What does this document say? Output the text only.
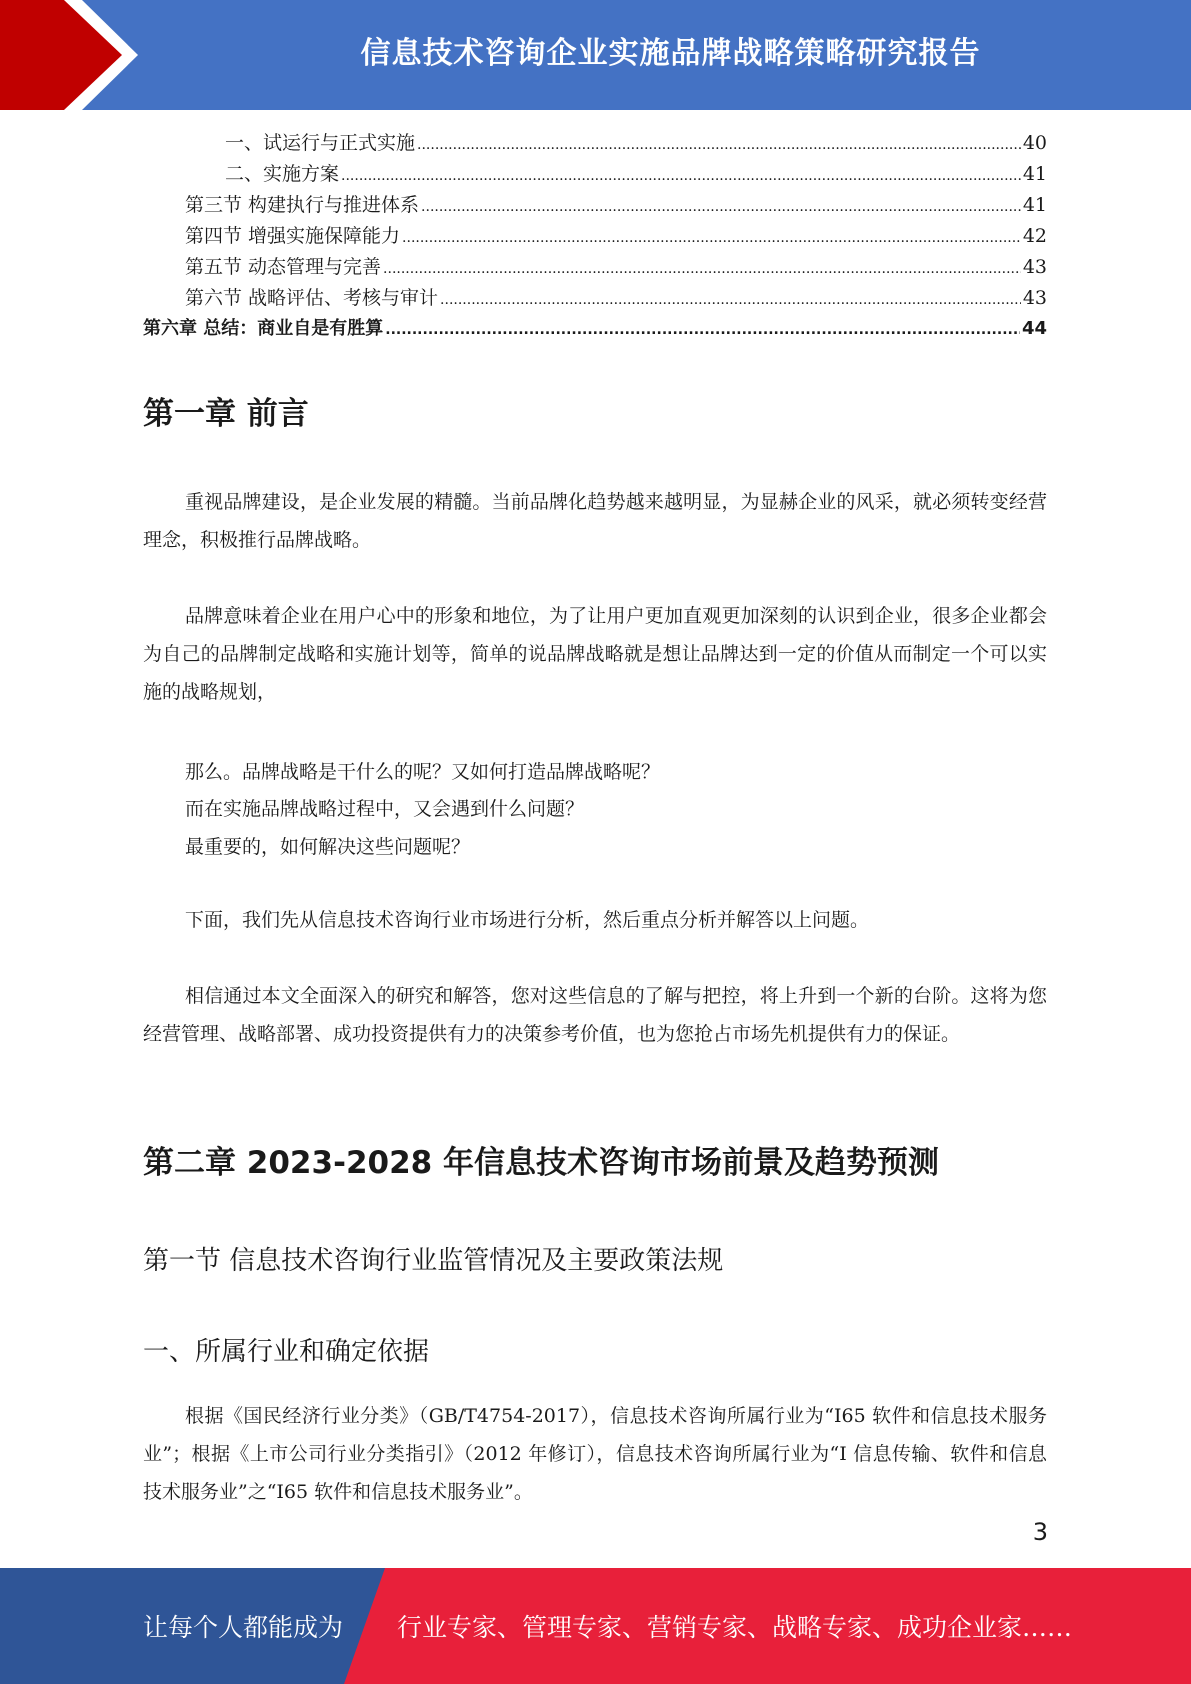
信息技术咨询企业实施品牌战略策略研究报告
一、试运行与正式实施 .....	40
二、实施方案 .....	41
第三节 构建执行与推进体系 .....	41
第四节 增强实施保障能力 .....	42
第五节 动态管理与完善 .....	43
第六节 战略评估、考核与审计 .....	43
第六章 总结：商业自是有胜算 .....	44
第一章 前言

重视品牌建设，是企业发展的精髓。当前品牌化趋势越来越明显，为显赫企业的风采，就必须转变经营理念，积极推行品牌战略。

品牌意味着企业在用户心中的形象和地位，为了让用户更加直观更加深刻的认识到企业，很多企业都会为自己的品牌制定战略和实施计划等，简单的说品牌战略就是想让品牌达到一定的价值从而制定一个可以实施的战略规划，

那么。品牌战略是干什么的呢？又如何打造品牌战略呢？

而在实施品牌战略过程中，又会遇到什么问题？

最重要的，如何解决这些问题呢？

下面，我们先从信息技术咨询行业市场进行分析，然后重点分析并解答以上问题。

相信通过本文全面深入的研究和解答，您对这些信息的了解与把控，将上升到一个新的台阶。这将为您经营管理、战略部署、成功投资提供有力的决策参考价值，也为您抢占市场先机提供有力的保证。

第二章 2023-2028 年信息技术咨询市场前景及趋势预测
第一节 信息技术咨询行业监管情况及主要政策法规
一、所属行业和确定依据

根据《国民经济行业分类》（GB/T4754-2017），信息技术咨询所属行业为“I65 软件和信息技术服务业”；根据《上市公司行业分类指引》（2012 年修订），信息技术咨询所属行业为“I 信息传输、软件和信息技术服务业”之“I65 软件和信息技术服务业”。

3
让每个人都能成为 行业专家、管理专家、营销专家、战略专家、成功企业家……
